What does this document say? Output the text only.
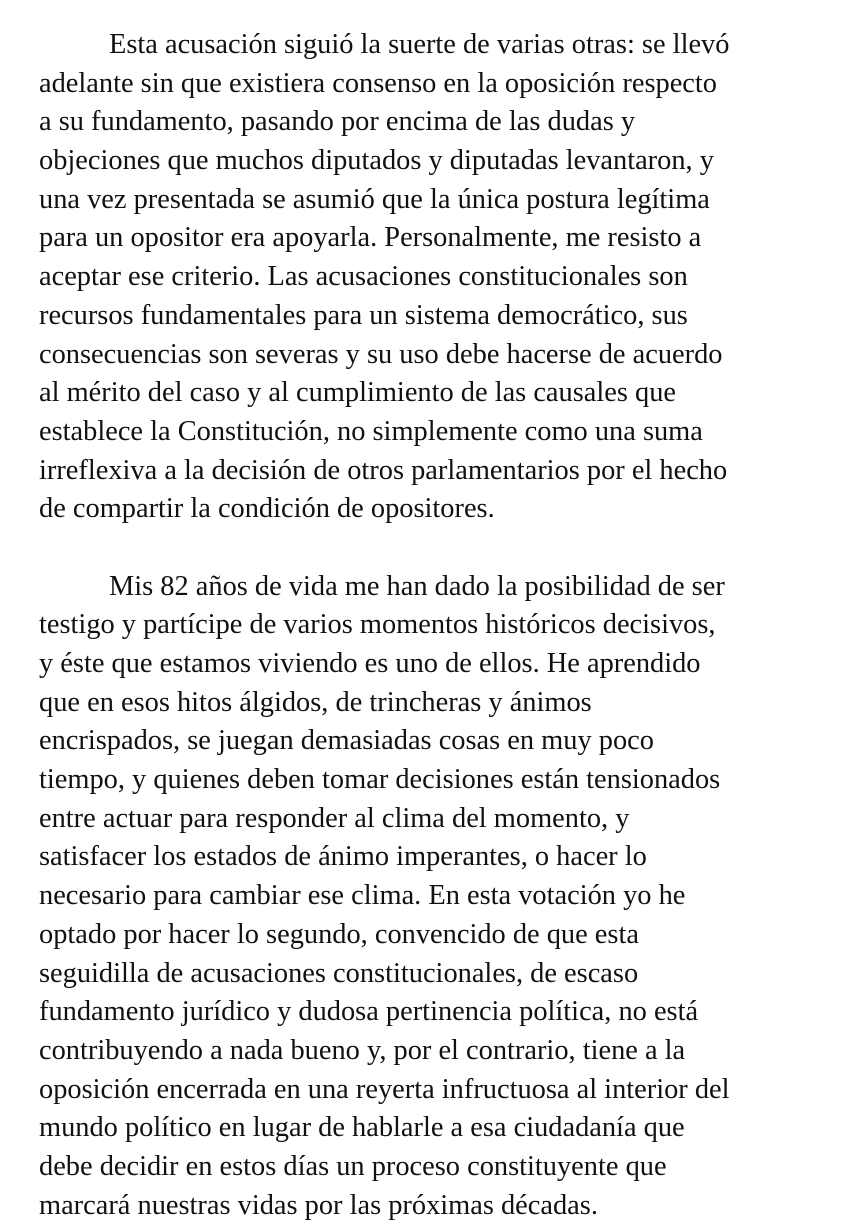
Esta acusación siguió la suerte de varias otras: se llevó
adelante sin que existiera consenso en la oposición respecto
a su fundamento, pasando por encima de las dudas y
objeciones que muchos diputados y diputadas levantaron, y
una vez presentada se asumió que la única postura legítima
para un opositor era apoyarla. Personalmente, me resisto a
aceptar ese criterio. Las acusaciones constitucionales son
recursos fundamentales para un sistema democrático, sus
consecuencias son severas y su uso debe hacerse de acuerdo
al mérito del caso y al cumplimiento de las causales que
establece la Constitución, no simplemente como una suma
irreflexiva a la decisión de otros parlamentarios por el hecho
de compartir la condición de opositores.

Mis 82 años de vida me han dado la posibilidad de ser
testigo y partícipe de varios momentos históricos decisivos,
y éste que estamos viviendo es uno de ellos. He aprendido
que en esos hitos álgidos, de trincheras y ánimos
encrispados, se juegan demasiadas cosas en muy poco
tiempo, y quienes deben tomar decisiones están tensionados
entre actuar para responder al clima del momento, y
satisfacer los estados de ánimo imperantes, o hacer lo
necesario para cambiar ese clima. En esta votación yo he
optado por hacer lo segundo, convencido de que esta
seguidilla de acusaciones constitucionales, de escaso
fundamento jurídico y dudosa pertinencia política, no está
contribuyendo a nada bueno y, por el contrario, tiene a la
oposición encerrada en una reyerta infructuosa al interior del
mundo político en lugar de hablarle a esa ciudadanía que
debe decidir en estos días un proceso constituyente que
marcará nuestras vidas por las próximas décadas.
